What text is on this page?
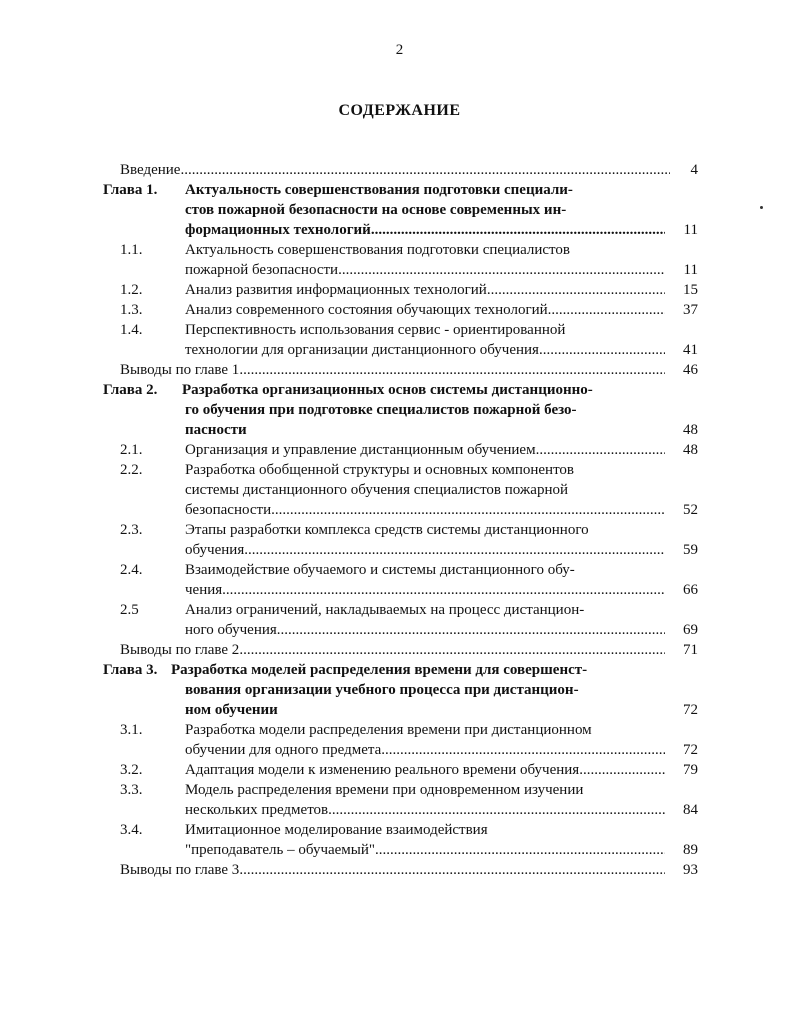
2
СОДЕРЖАНИЕ
Введение .....	4
Глава 1. Актуальность совершенствования подготовки специали-
стов пожарной безопасности на основе современных ин-
формационных технологий .....	11
1.1.	Актуальность совершенствования подготовки специалистов
пожарной безопасности .....	11
1.2.	Анализ развития информационных технологий .....	15
1.3.	Анализ современного состояния обучающих технологий .....	37
1.4.	Перспективность использования сервис - ориентированной
технологии для организации дистанционного обучения .....	41
Выводы по главе 1 .....	46
Глава 2. Разработка организационных основ системы дистанционно-
го обучения при подготовке специалистов пожарной безо-
пасности	48
2.1.	Организация и управление дистанционным обучением .....	48
2.2.	Разработка обобщенной структуры и основных компонентов
системы дистанционного обучения специалистов пожарной
безопасности .....	52
2.3.	Этапы разработки комплекса средств системы дистанционного
обучения .....	59
2.4.	Взаимодействие обучаемого и системы дистанционного обу-
чения .....	66
2.5	Анализ ограничений, накладываемых на процесс дистанцион-
ного обучения .....	69
Выводы по главе 2 .....	71
Глава 3. Разработка моделей распределения времени для совершенст-
вования организации учебного процесса при дистанцион-
ном обучении	72
3.1.	Разработка модели распределения времени при дистанционном
обучении для одного предмета .....	72
3.2.	Адаптация модели к изменению реального времени обучения .....	79
3.3.	Модель распределения времени при одновременном изучении
нескольких предметов .....	84
3.4.	Имитационное моделирование взаимодействия
"преподаватель – обучаемый" .....	89
Выводы по главе 3 .....	93
